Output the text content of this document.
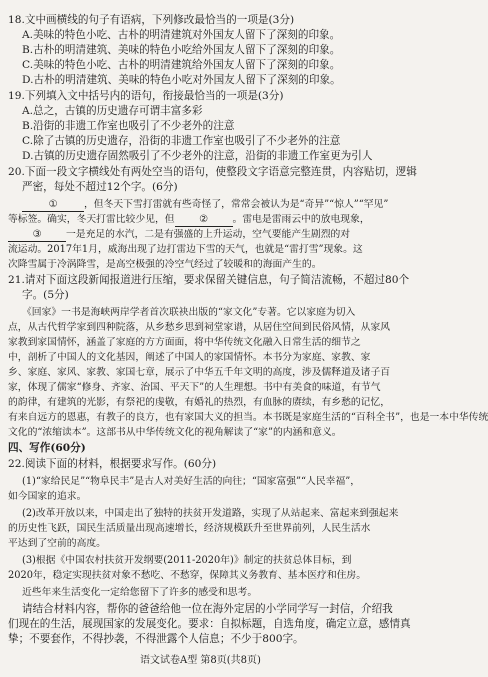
18.文中画横线的句子有语病，下列修改最恰当的一项是(3分)
A.美味的特色小吃、古朴的明清建筑对外国友人留下了深刻的印象。
B.古朴的明清建筑、美味的特色小吃给外国友人留下了深刻的印象。
C.美味的特色小吃、古朴的明清建筑给外国友人留下了深刻的印象。
D.古朴的明清建筑、美味的特色小吃对外国友人留下了深刻的印象。
19.下列填入文中括号内的语句，衔接最恰当的一项是(3分)
A.总之，古镇的历史遗存可谓丰富多彩
B.沿街的非遗工作室也吸引了不少老外的注意
C.除了古镇的历史遗存，沿街的非遗工作室也吸引了不少老外的注意
D.古镇的历史遗存固然吸引了不少老外的注意，沿街的非遗工作室更为引人
20.下面一段文字横线处有两处空当的语句，使整段文字语意完整连贯，内容贴切，逻辑
严密，每处不超过12个字。(6分)
①	，但冬天下雪打雷就有些奇怪了，常常会被认为是“奇异”“惊人”“罕见”
等标签。确实，冬天打雷比较少见，但	②	。雷电是雷雨云中的放电现象，
③	一是充足的水汽，二是有强盛的上升运动，空气要能产生剧烈的对
流运动。2017年1月，威海出现了边打雷边下雪的天气，也就是“雷打雪”现象。这
次降雪属于冷涡降雪，是高空极强的冷空气经过了较暖和的海面产生的。
21.请对下面这段新闻报道进行压缩，要求保留关键信息，句子简洁流畅，不超过80个
字。(5分)
《回家》一书是海峡两岸学者首次联袂出版的“家文化”专著。它以家庭为切入
点，从古代哲学家到四种院落，从乡愁乡思到祠堂家谱，从居住空间到民俗风情，从家风
家教到家国情怀，涵盖了家庭的方方面面，将中华传统文化融入日常生活的细节之
中，剖析了中国人的文化基因，阐述了中国人的家国情怀。本书分为家庭、家教、家
乡、家庭、家风、家教、家国七章，展示了中华五千年文明的高度，涉及儒释道及诸子百
家，体现了儒家“修身、齐家、治国、平天下”的人生理想。书中有美食的味道，有节气
的韵律，有建筑的光影，有祭祀的虔敬，有婚礼的热烈，有血脉的赓续，有乡愁的记忆，
有来自远方的恩惠，有教子的良方，也有家国大义的担当。本书既是家庭生活的“百科全书”，也是一本中华传统
文化的“浓缩读本”。这部书从中华传统文化的视角解读了“家”的内涵和意义。
四、写作(60分)
22.阅读下面的材料，根据要求写作。(60分)
(1)“家给民足”“物阜民丰”是古人对美好生活的向往；“国家富强”“人民幸福”，
如今国家的追求。
(2)改革开放以来，中国走出了独特的扶贫开发道路，实现了从站起来、富起来到强起来
的历史性飞跃，国民生活质量出现高速增长，经济规模跃升至世界前列，人民生活水
平达到了空前的高度。
(3)根据《中国农村扶贫开发纲要(2011-2020年)》制定的扶贫总体目标，到
2020年，稳定实现扶贫对象不愁吃、不愁穿，保障其义务教育、基本医疗和住房。
近些年来生活变化一定给您留下了许多的感受和思考。
请结合材料内容，帮你的爸爸给他一位在海外定居的小学同学写一封信，介绍我
们现在的生活，展现国家的发展变化。要求：自拟标题，自选角度，确定立意，感情真
挚；不要套作，不得抄袭，不得泄露个人信息；不少于800字。
语文试卷A型 第8页(共8页)
